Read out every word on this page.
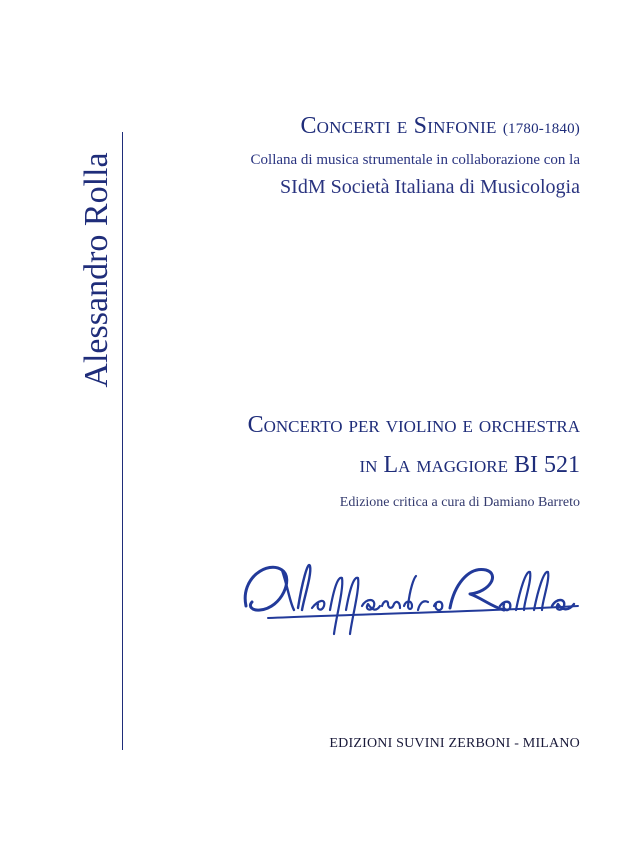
Alessandro Rolla
Concerti e Sinfonie (1780-1840)
Collana di musica strumentale in collaborazione con la
SIdM Società Italiana di Musicologia
Concerto per violino e orchestra
in La maggiore BI 521
Edizione critica a cura di Damiano Barreto
EDIZIONI SUVINI ZERBONI - MILANO
